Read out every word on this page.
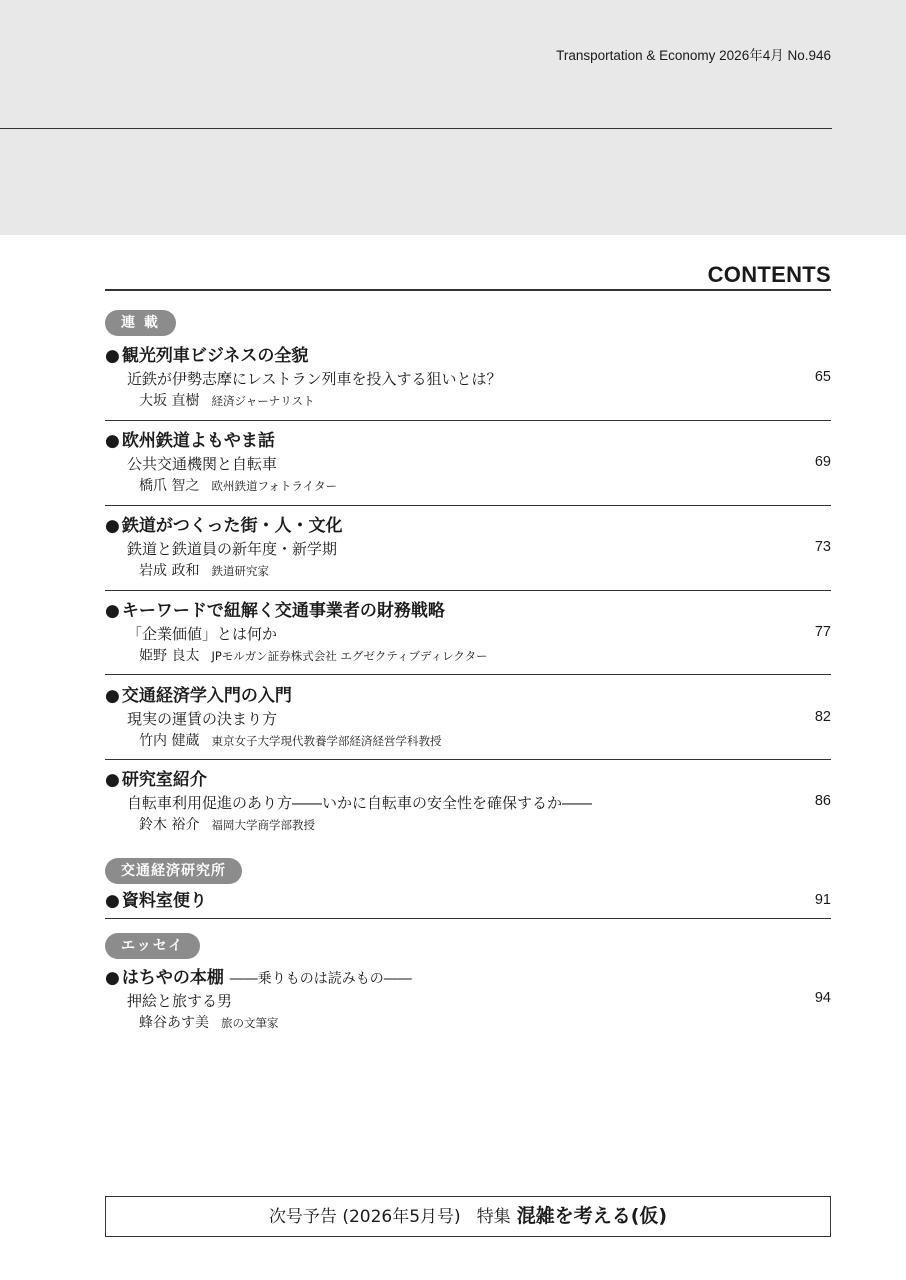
Transportation & Economy 2026年4月 No.946
CONTENTS
連 載
● 観光列車ビジネスの全貌
近鉄が伊勢志摩にレストラン列車を投入する狙いとは？
大坂 直樹 経済ジャーナリスト
65
● 欧州鉄道よもやま話
公共交通機関と自転車
橋爪 智之 欧州鉄道フォトライター
69
● 鉄道がつくった街・人・文化
鉄道と鉄道員の新年度・新学期
岩成 政和 鉄道研究家
73
● キーワードで紐解く交通事業者の財務戦略
「企業価値」とは何か
姫野 良太 JPモルガン証券株式会社 エグゼクティブディレクター
77
● 交通経済学入門の入門
現実の運賃の決まり方
竹内 健蔵 東京女子大学現代教養学部経済経営学科教授
82
● 研究室紹介
自転車利用促進のあり方――いかに自転車の安全性を確保するか――
鈴木 裕介 福岡大学商学部教授
86
交通経済研究所
● 資料室便り	91
エッセイ
● はちやの本棚 ――乗りものは読みもの――
押絵と旅する男
蜂谷あす美 旅の文筆家
94
次号予告 (2026年5月号) 特集 混雑を考える(仮)
